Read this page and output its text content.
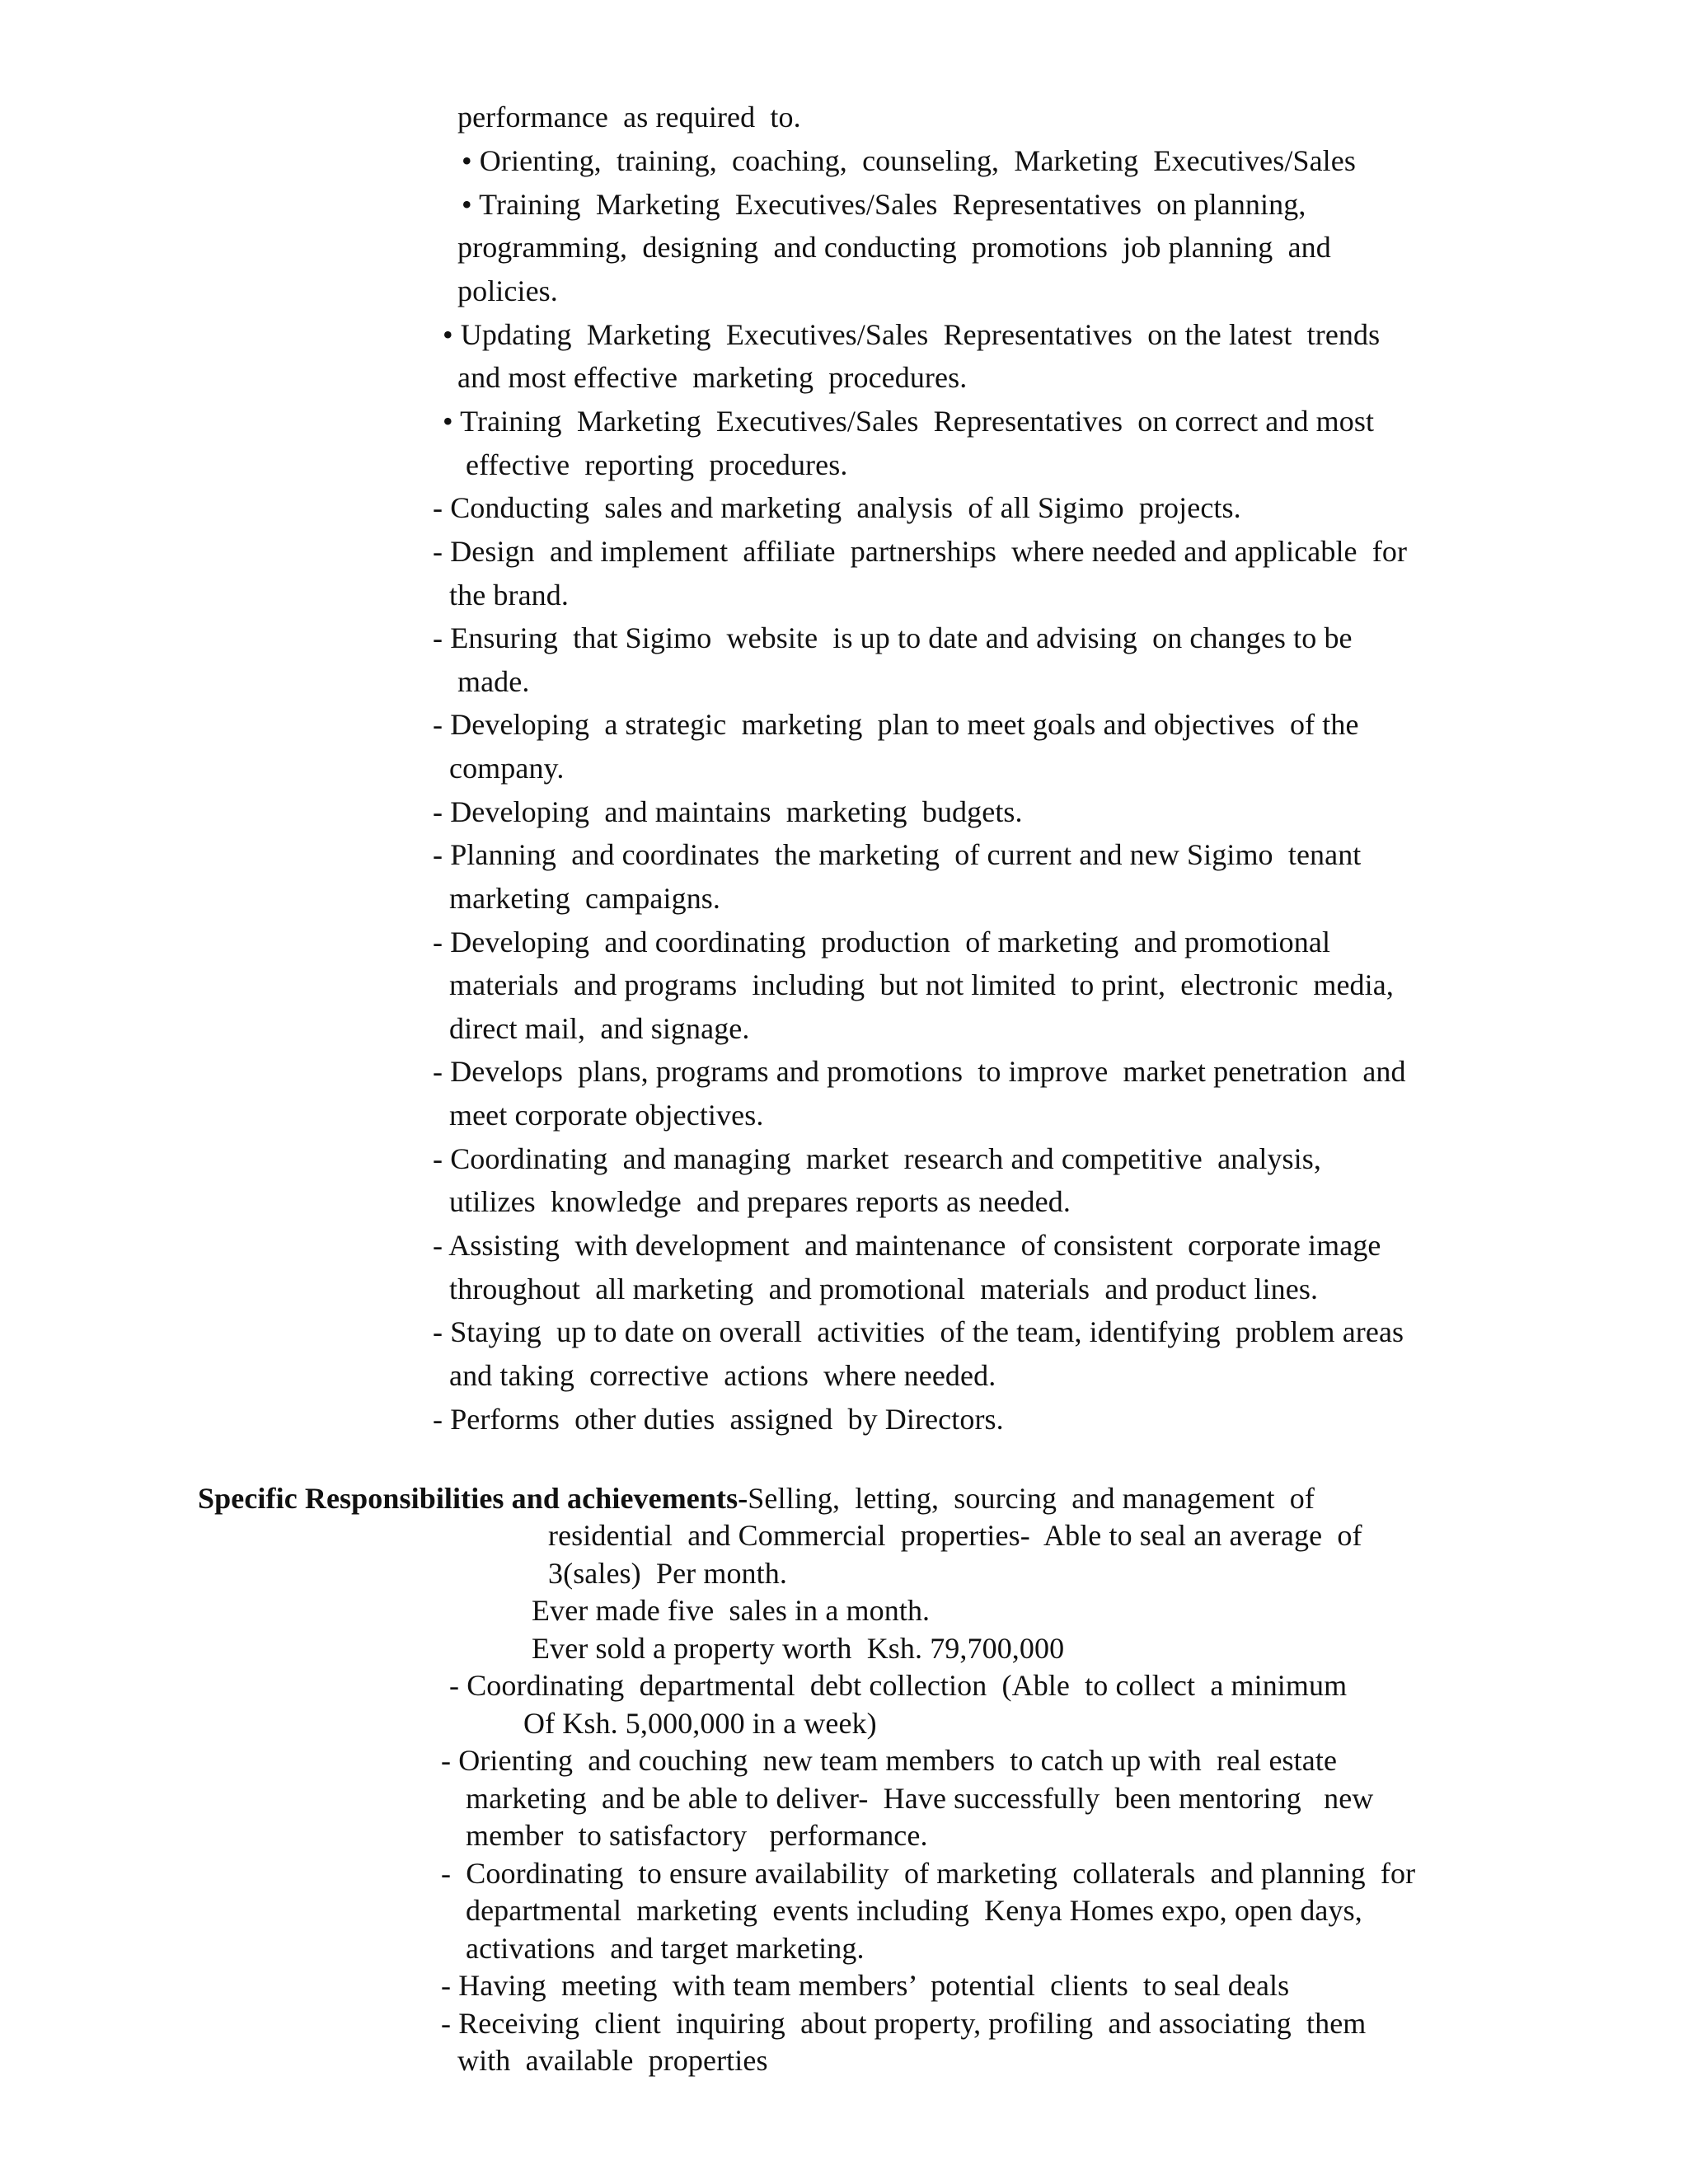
performance  as required  to.
• Orienting,  training,  coaching,  counseling,  Marketing  Executives/Sales
• Training  Marketing  Executives/Sales  Representatives  on planning,
programming,  designing  and conducting  promotions  job planning  and
policies.
• Updating  Marketing  Executives/Sales  Representatives  on the latest  trends
and most effective  marketing  procedures.
• Training  Marketing  Executives/Sales  Representatives  on correct and most
effective  reporting  procedures.
- Conducting  sales and marketing  analysis  of all Sigimo  projects.
- Design  and implement  affiliate  partnerships  where needed and applicable  for
the brand.
- Ensuring  that Sigimo  website  is up to date and advising  on changes to be
made.
- Developing  a strategic  marketing  plan to meet goals and objectives  of the
company.
- Developing  and maintains  marketing  budgets.
- Planning  and coordinates  the marketing  of current and new Sigimo  tenant
marketing  campaigns.
- Developing  and coordinating  production  of marketing  and promotional
materials  and programs  including  but not limited  to print,  electronic  media,
direct mail,  and signage.
- Develops  plans, programs and promotions  to improve  market penetration  and
meet corporate objectives.
- Coordinating  and managing  market  research and competitive  analysis,
utilizes  knowledge  and prepares reports as needed.
- Assisting  with development  and maintenance  of consistent  corporate image
throughout  all marketing  and promotional  materials  and product lines.
- Staying  up to date on overall  activities  of the team, identifying  problem areas
and taking  corrective  actions  where needed.
- Performs  other duties  assigned  by Directors.
Specific Responsibilities and achievements-Selling,  letting,  sourcing  and management  of
residential  and Commercial  properties-  Able to seal an average  of
3(sales)  Per month.
Ever made five  sales in a month.
Ever sold a property worth  Ksh. 79,700,000
- Coordinating  departmental  debt collection  (Able  to collect  a minimum
Of Ksh. 5,000,000 in a week)
- Orienting  and couching  new team members  to catch up with  real estate
marketing  and be able to deliver-  Have successfully  been mentoring   new
member  to satisfactory   performance.
-  Coordinating  to ensure availability  of marketing  collaterals  and planning  for
departmental  marketing  events including  Kenya Homes expo, open days,
activations  and target marketing.
- Having  meeting  with team members’  potential  clients  to seal deals
- Receiving  client  inquiring  about property, profiling  and associating  them
with  available  properties
